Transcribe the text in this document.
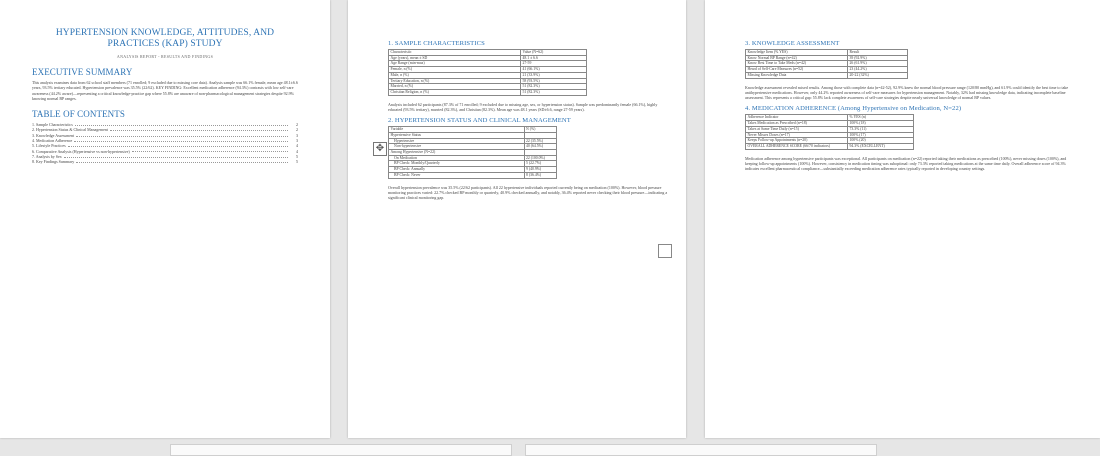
HYPERTENSION KNOWLEDGE, ATTITUDES, AND PRACTICES (KAP) STUDY
ANALYSIS REPORT - RESULTS AND FINDINGS
EXECUTIVE SUMMARY
This analysis examines data from 62 school staff members (71 enrolled; 9 excluded due to missing core data). Analysis sample was 66.1% female, mean age 48.1±6.6 years, 93.5% tertiary educated. Hypertension prevalence was 35.5% (22/62). KEY FINDING: Excellent medication adherence (94.3%) contrasts with low self-care awareness (44.2% aware)—representing a critical knowledge-practice gap where 55.8% are unaware of non-pharmacological management strategies despite 92.9% knowing normal BP ranges.
TABLE OF CONTENTS
1. Sample Characteristics	2
2. Hypertension Status & Clinical Management	2
3. Knowledge Assessment	3
4. Medication Adherence	3
5. Lifestyle Practices	4
6. Comparative Analysis (Hypertensive vs non-hypertensive)	4
7. Analysis by Sex	5
8. Key Findings Summary	5
1. SAMPLE CHARACTERISTICS
Characteristic	Value (N=62)
Age (years), mean ± SD	48.1 ± 6.6
Age Range (min-max)	27-59
Female, n (%)	41 (66.1%)
Male, n (%)	21 (33.9%)
Tertiary Education, n (%)	58 (93.5%)
Married, n (%)	51 (82.3%)
Christian Religion, n (%)	51 (82.3%)
Analysis included 62 participants (87.3% of 71 enrolled; 9 excluded due to missing age, sex, or hypertension status). Sample was predominantly female (66.1%), highly educated (93.5% tertiary), married (82.3%), and Christian (82.3%). Mean age was 48.1 years (SD±6.6, range 27-59 years).
2. HYPERTENSION STATUS AND CLINICAL MANAGEMENT
Variable	N (%)
Hypertensive Status	
Hypertensive	22 (35.5%)
Non-hypertensive	40 (64.5%)
Among Hypertensive (N=22)	
On Medication	22 (100.0%)
BP Check: Monthly/Quarterly	5 (22.7%)
BP Check: Annually	9 (40.9%)
BP Check: Never	8 (36.4%)
Overall hypertension prevalence was 35.5% (22/62 participants). All 22 hypertensive individuals reported currently being on medication (100%). However, blood pressure monitoring practices varied: 22.7% checked BP monthly or quarterly, 40.9% checked annually, and notably, 36.4% reported never checking their blood pressure—indicating a significant clinical monitoring gap.
✥
3. KNOWLEDGE ASSESSMENT
Knowledge Item (% YES)	Result
Know Normal BP Range (n=42)	39 (92.9%)
Know Best Time to Take Meds (n=42)	26 (61.9%)
Heard of Self-Care Measures (n=52)	23 (44.2%)
Missing Knowledge Data	20-22 (32%)
Knowledge assessment revealed mixed results. Among those with complete data (n=42-52), 92.9% knew the normal blood pressure range (120/80 mmHg), and 61.9% could identify the best time to take antihypertensive medications. However, only 44.2% reported awareness of self-care measures for hypertension management. Notably, 32% had missing knowledge data, indicating incomplete baseline assessment. This represents a critical gap: 55.8% lack complete awareness of self-care strategies despite nearly universal knowledge of normal BP values.
4. MEDICATION ADHERENCE (Among Hypertensive on Medication, N=22)
Adherence Indicator	% YES (n)
Takes Medication as Prescribed (n=18)	100% (18)
Takes at Same Time Daily (n=15)	73.3% (11)
Never Misses Doses (n=17)	100% (17)
Keeps Follow-up Appointments (n=20)	100% (20)
OVERALL ADHERENCE SCORE (66/70 indicators)	94.3% (EXCELLENT)
Medication adherence among hypertensive participants was exceptional. All participants on medication (n=22) reported taking their medications as prescribed (100%), never missing doses (100%), and keeping follow-up appointments (100%). However, consistency in medication timing was suboptimal: only 73.3% reported taking medications at the same time daily. Overall adherence score of 94.3% indicates excellent pharmaceutical compliance—substantially exceeding medication adherence rates typically reported in developing country settings.
